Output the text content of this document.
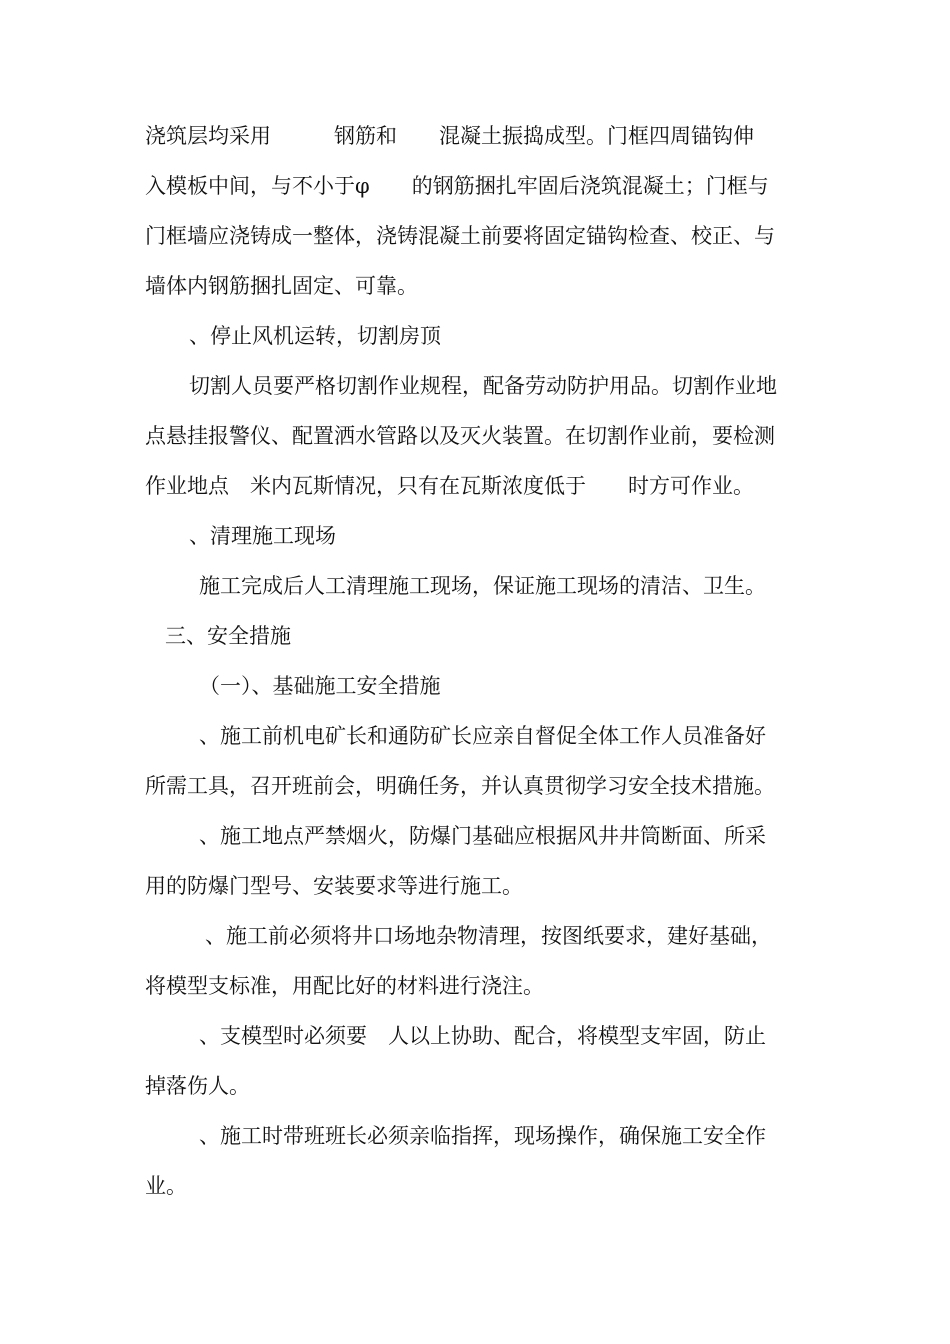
浇筑层均采用　　　钢筋和　　混凝土振捣成型。门框四周锚钩伸
入模板中间，与不小于φ　　的钢筋捆扎牢固后浇筑混凝土；门框与
门框墙应浇铸成一整体，浇铸混凝土前要将固定锚钩检查、校正、与
墙体内钢筋捆扎固定、可靠。
、停止风机运转，切割房顶
切割人员要严格切割作业规程，配备劳动防护用品。切割作业地
点悬挂报警仪、配置洒水管路以及灭火装置。在切割作业前，要检测
作业地点　米内瓦斯情况，只有在瓦斯浓度低于　　时方可作业。
、清理施工现场
施工完成后人工清理施工现场，保证施工现场的清洁、卫生。
三、安全措施
（一）、基础施工安全措施
、施工前机电矿长和通防矿长应亲自督促全体工作人员准备好
所需工具，召开班前会，明确任务，并认真贯彻学习安全技术措施。
、施工地点严禁烟火，防爆门基础应根据风井井筒断面、所采
用的防爆门型号、安装要求等进行施工。
、施工前必须将井口场地杂物清理，按图纸要求，建好基础，
将模型支标准，用配比好的材料进行浇注。
、支模型时必须要　人以上协助、配合，将模型支牢固，防止
掉落伤人。
、施工时带班班长必须亲临指挥，现场操作，确保施工安全作
业。
